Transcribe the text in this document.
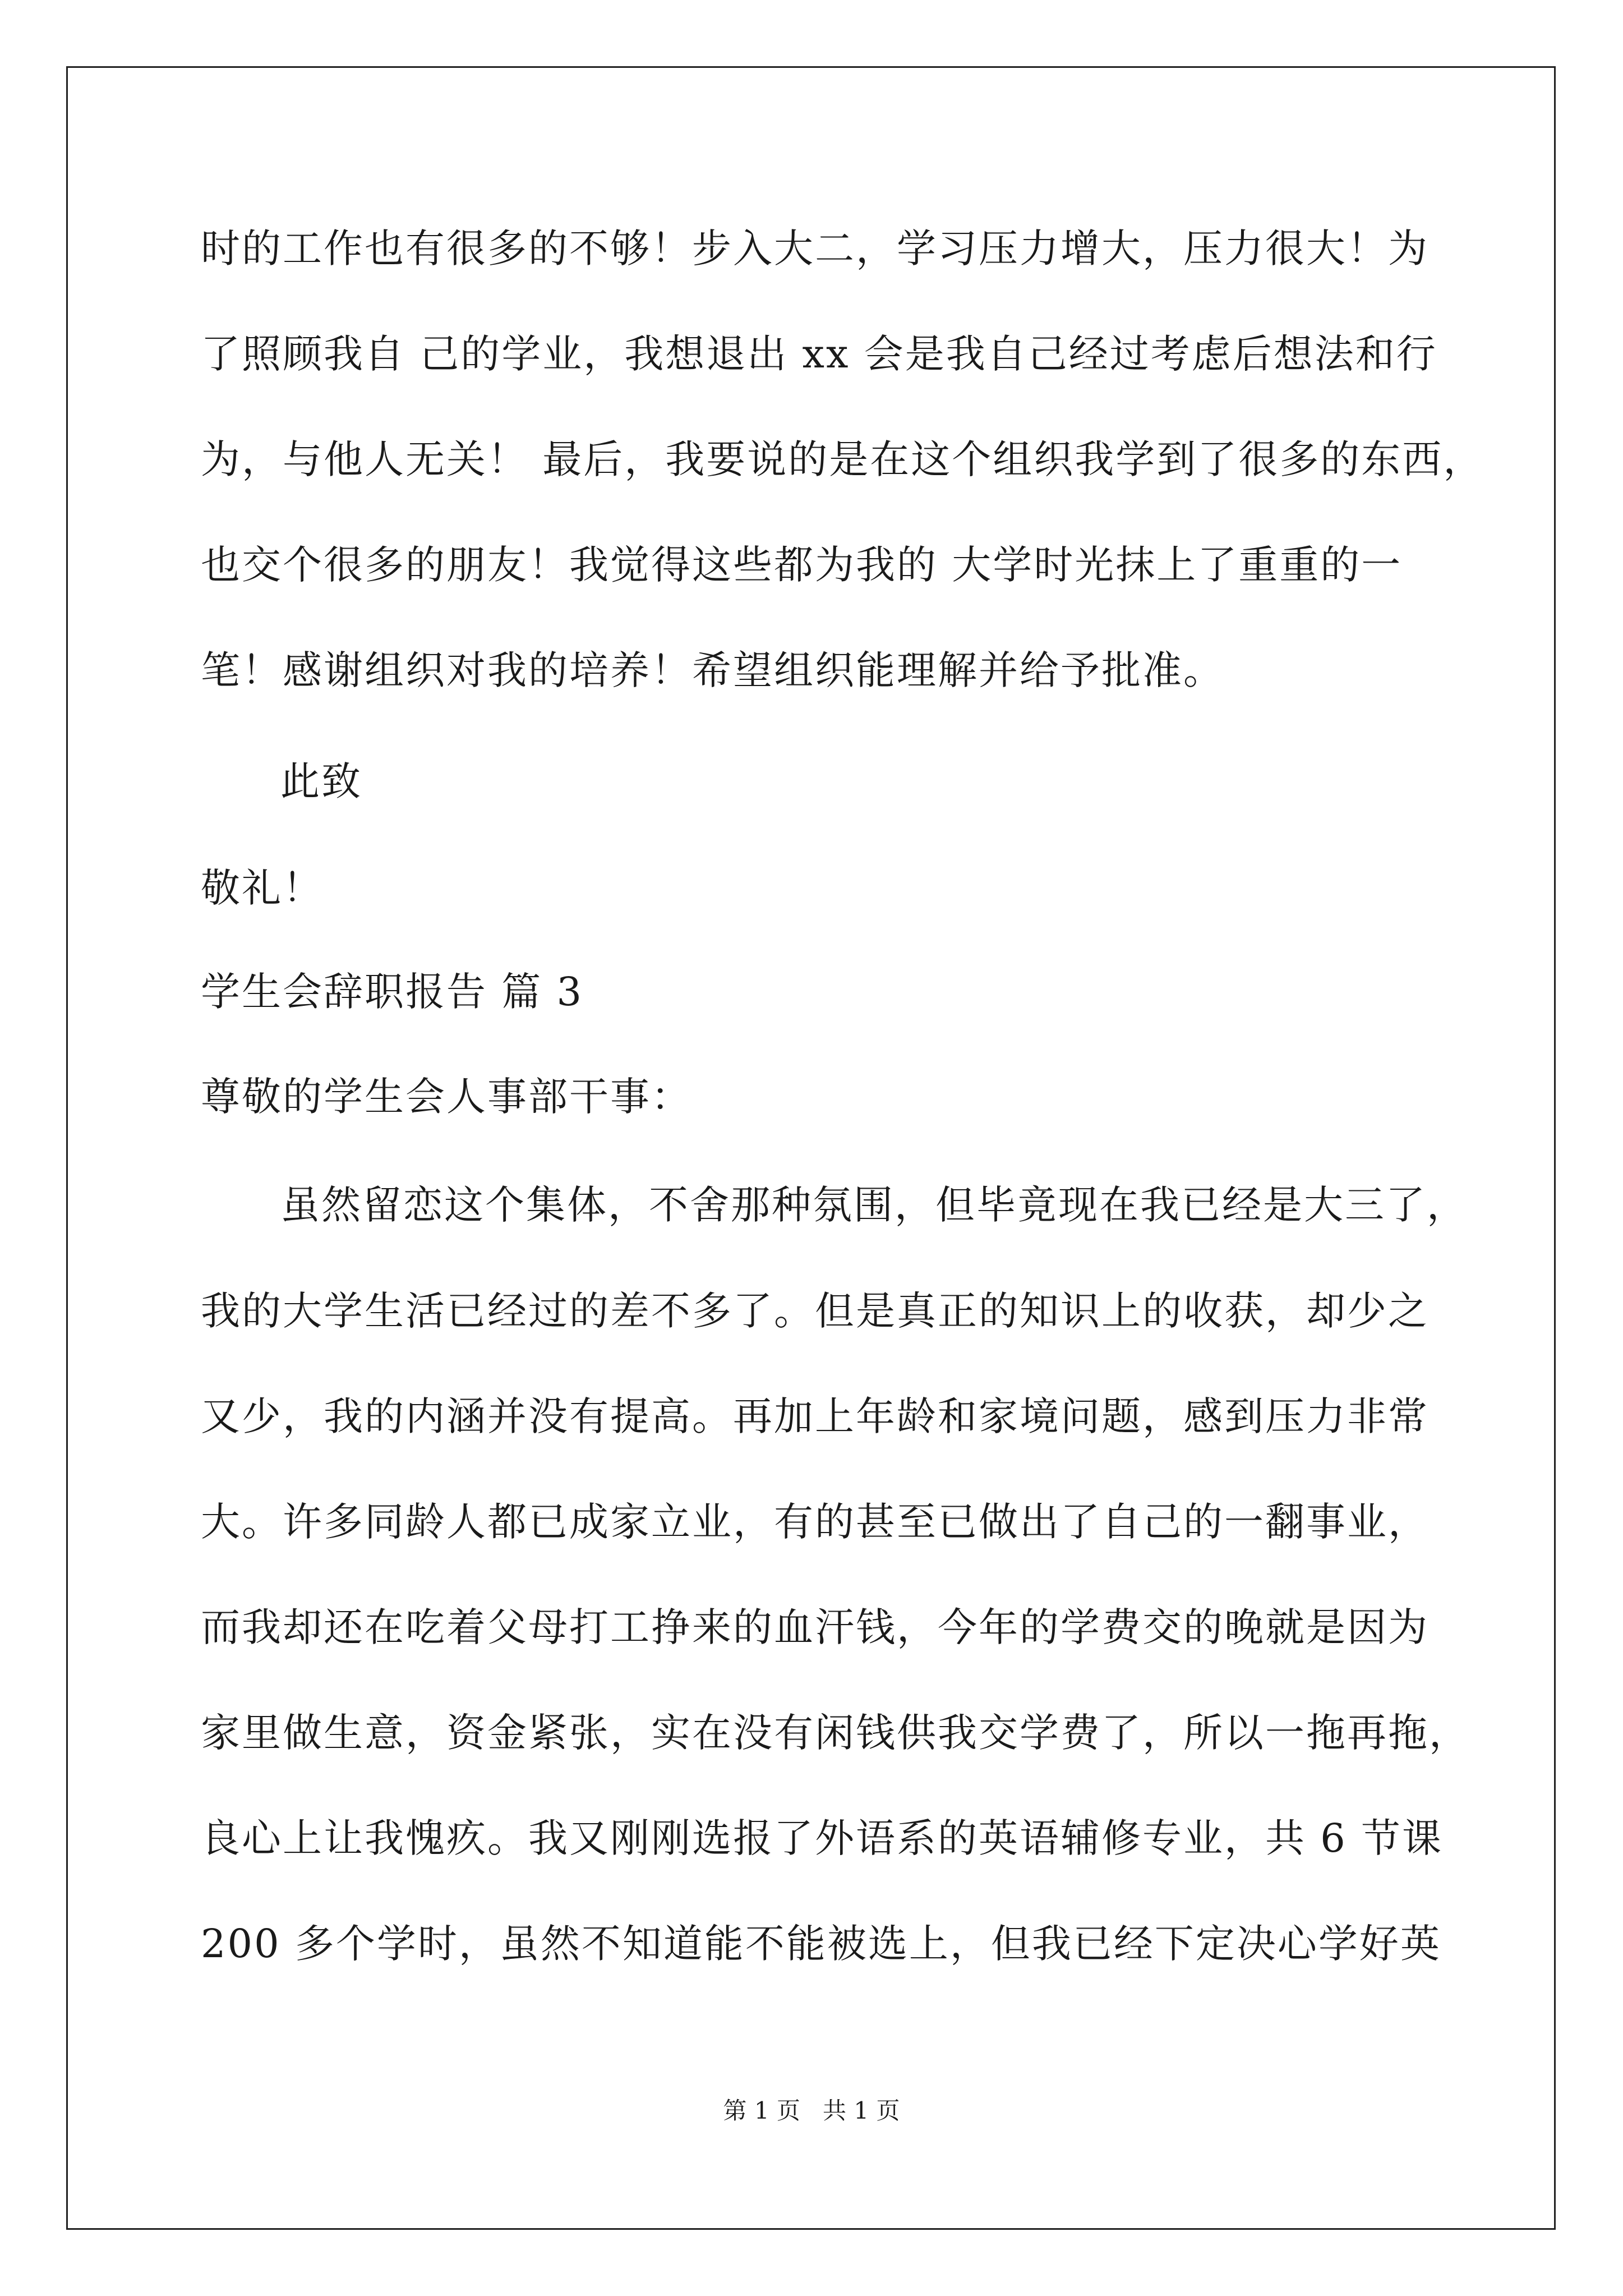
时的工作也有很多的不够！步入大二，学习压力增大，压力很大！为
了照顾我自 己的学业，我想退出 xx 会是我自己经过考虑后想法和行
为，与他人无关！ 最后，我要说的是在这个组织我学到了很多的东西，
也交个很多的朋友！我觉得这些都为我的 大学时光抹上了重重的一
笔！感谢组织对我的培养！希望组织能理解并给予批准。
此致
敬礼！
学生会辞职报告 篇 3
尊敬的学生会人事部干事：
虽然留恋这个集体，不舍那种氛围，但毕竟现在我已经是大三了，
我的大学生活已经过的差不多了。但是真正的知识上的收获，却少之
又少，我的内涵并没有提高。再加上年龄和家境问题，感到压力非常
大。许多同龄人都已成家立业，有的甚至已做出了自己的一翻事业，
而我却还在吃着父母打工挣来的血汗钱，今年的学费交的晚就是因为
家里做生意，资金紧张，实在没有闲钱供我交学费了，所以一拖再拖，
良心上让我愧疚。我又刚刚选报了外语系的英语辅修专业，共 6 节课
200 多个学时，虽然不知道能不能被选上，但我已经下定决心学好英
第 1 页   共 1 页
